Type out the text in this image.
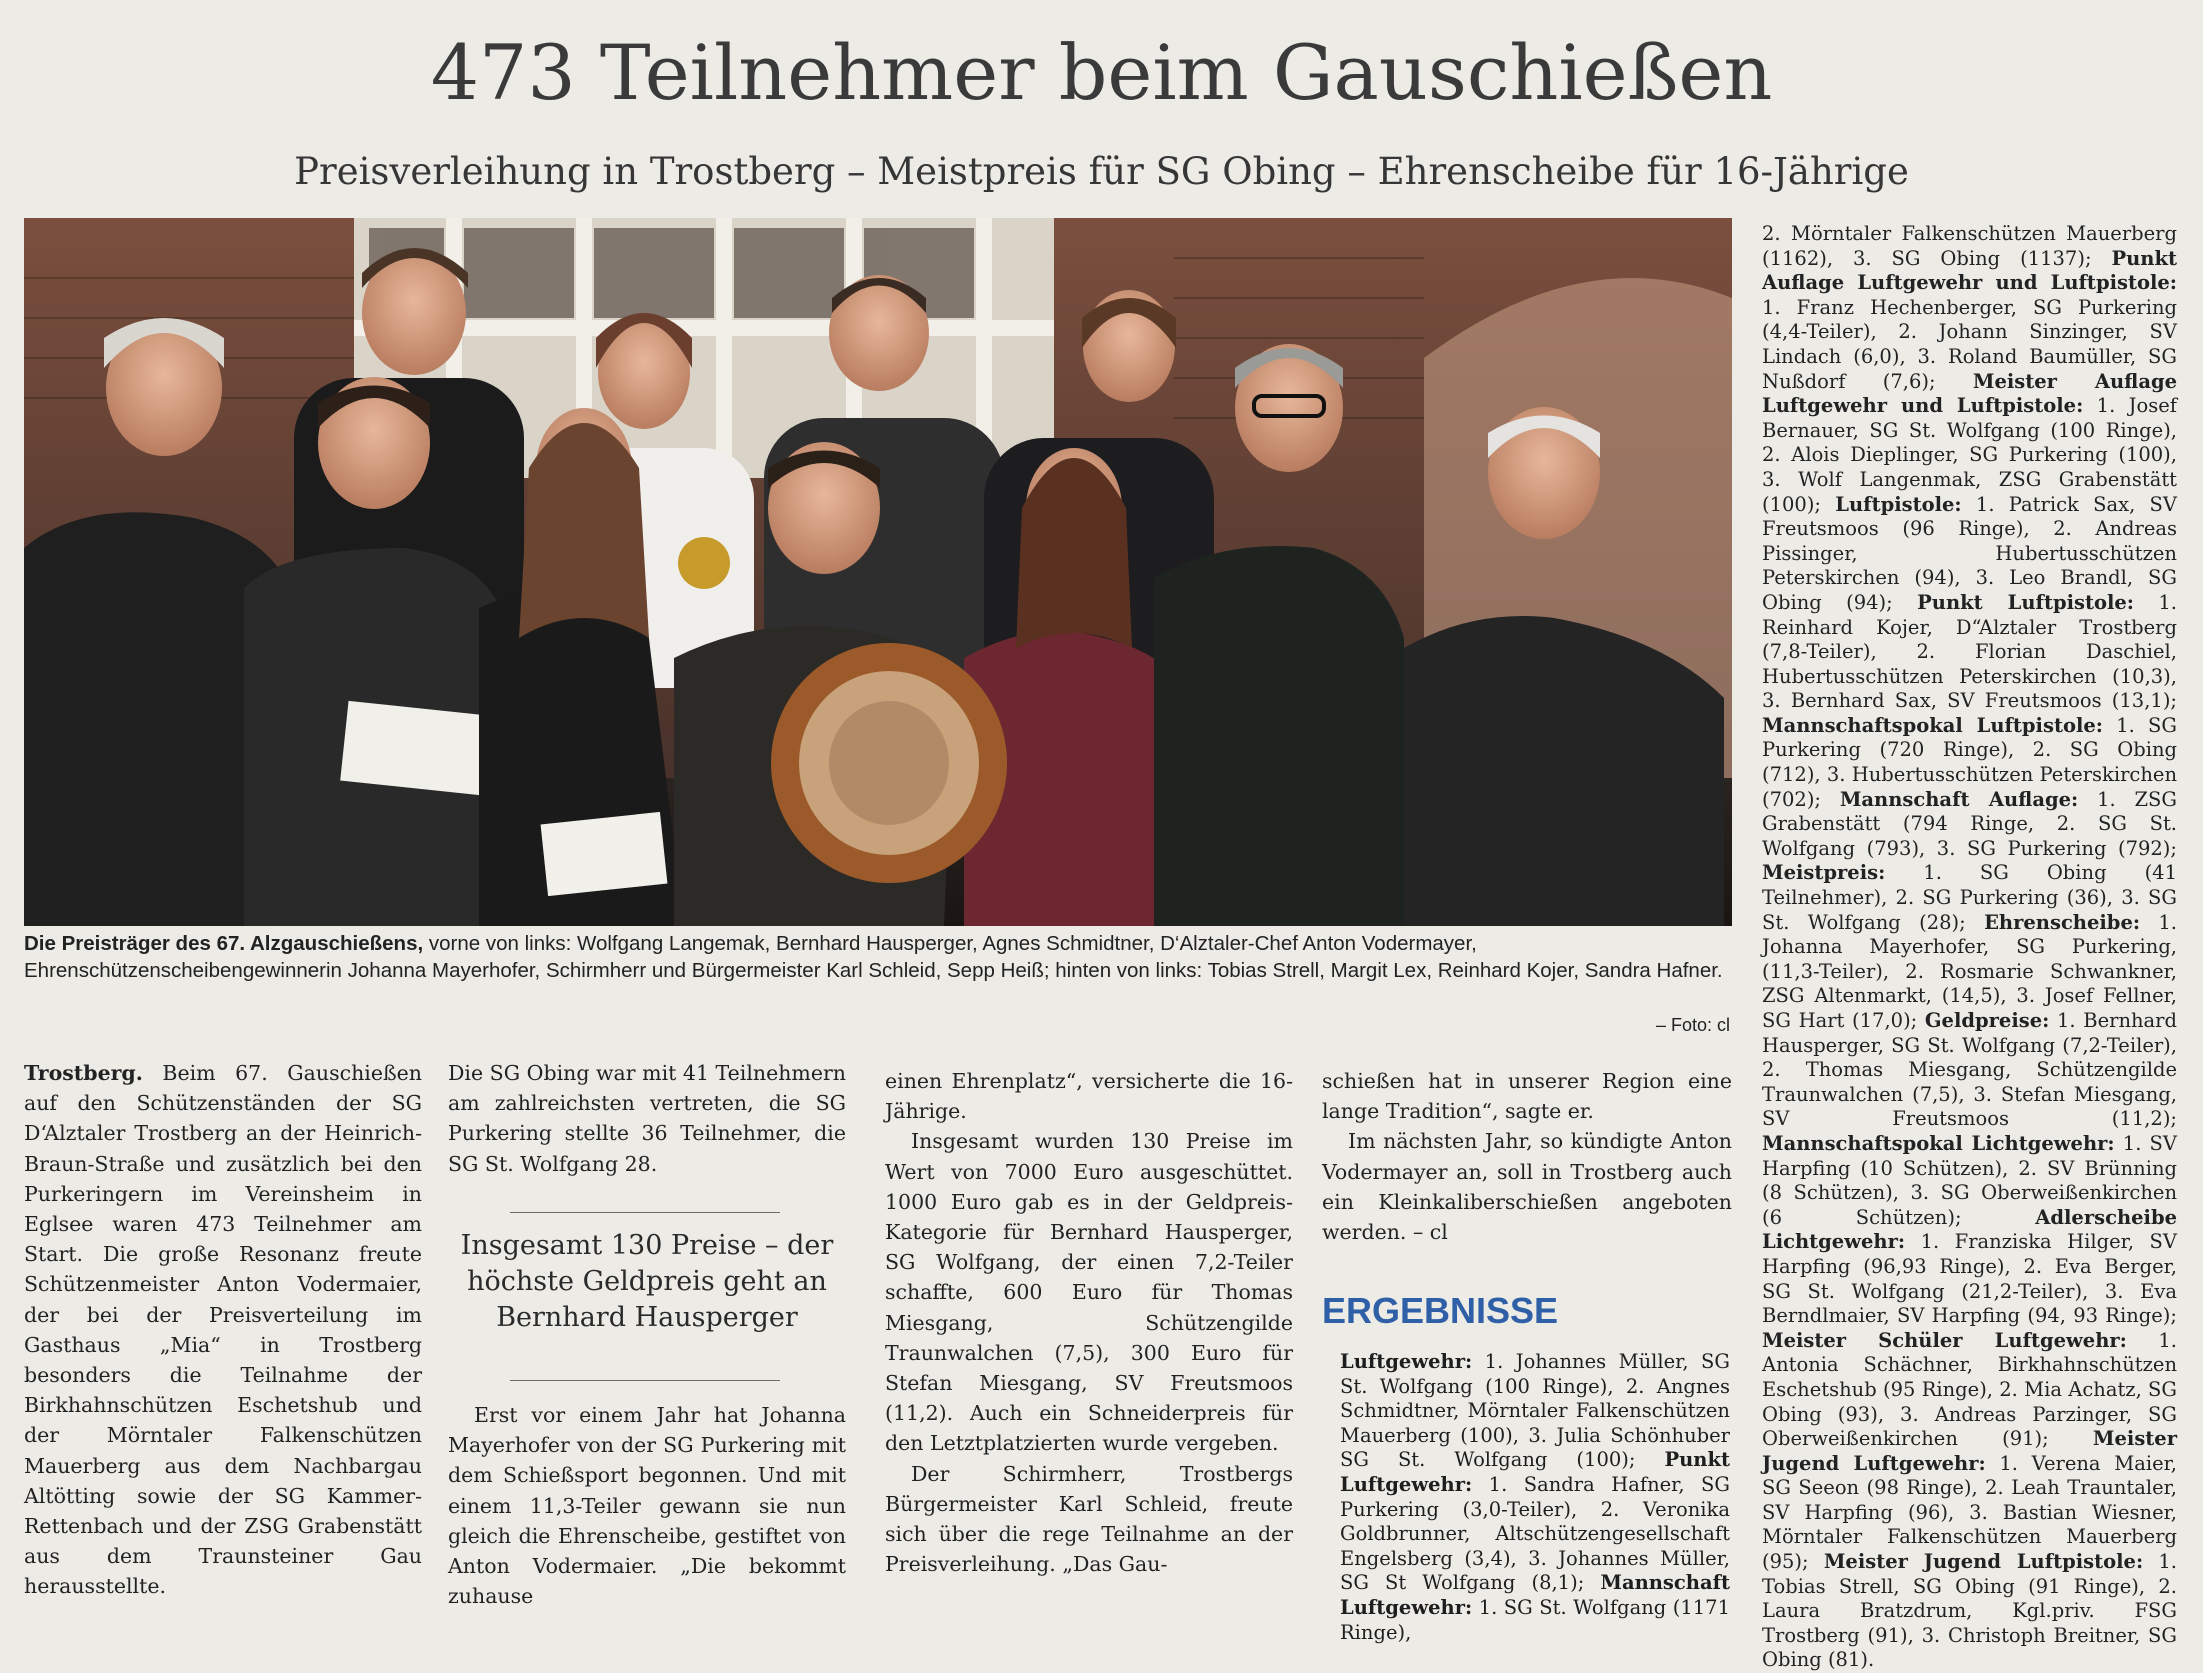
473 Teilnehmer beim Gauschießen
Preisverleihung in Trostberg – Meistpreis für SG Obing – Ehrenscheibe für 16-Jährige
Die Preisträger des 67. Alzgauschießens, vorne von links: Wolfgang Langemak, Bernhard Hausperger, Agnes Schmidtner, D‘Alztaler-Chef Anton Vodermayer, Ehrenschützenscheibengewinnerin Johanna Mayerhofer, Schirmherr und Bürgermeister Karl Schleid, Sepp Heiß; hinten von links: Tobias Strell, Margit Lex, Reinhard Kojer, Sandra Hafner.
– Foto: cl

Trostberg. Beim 67. Gauschießen auf den Schützenständen der SG D‘Alztaler Trostberg an der Heinrich-Braun-Straße und zusätzlich bei den Purkeringern im Vereinsheim in Eglsee waren 473 Teilnehmer am Start. Die große Resonanz freute Schützenmeister Anton Vodermaier, der bei der Preisverteilung im Gasthaus „Mia“ in Trostberg besonders die Teilnahme der Birkhahnschützen Eschetshub und der Mörntaler Falkenschützen Mauerberg aus dem Nachbargau Altötting sowie der SG Kammer-Rettenbach und der ZSG Grabenstätt aus dem Traunsteiner Gau herausstellte.

Die SG Obing war mit 41 Teilnehmern am zahlreichsten vertreten, die SG Purkering stellte 36 Teilnehmer, die SG St. Wolfgang 28.

Insgesamt 130 Preise – der höchste Geldpreis geht an Bernhard Hausperger

Erst vor einem Jahr hat Johanna Mayerhofer von der SG Purkering mit dem Schießsport begonnen. Und mit einem 11,3-Teiler gewann sie nun gleich die Ehrenscheibe, gestiftet von Anton Vodermaier. „Die bekommt zuhause

einen Ehrenplatz“, versicherte die 16-Jährige.

Insgesamt wurden 130 Preise im Wert von 7000 Euro ausgeschüttet. 1000 Euro gab es in der Geldpreis-Kategorie für Bernhard Hausperger, SG Wolfgang, der einen 7,2-Teiler schaffte, 600 Euro für Thomas Miesgang, Schützengilde Traunwalchen (7,5), 300 Euro für Stefan Miesgang, SV Freutsmoos (11,2). Auch ein Schneiderpreis für den Letztplatzierten wurde vergeben.

Der Schirmherr, Trostbergs Bürgermeister Karl Schleid, freute sich über die rege Teilnahme an der Preisverleihung. „Das Gau-

schießen hat in unserer Region eine lange Tradition“, sagte er.

Im nächsten Jahr, so kündigte Anton Vodermayer an, soll in Trostberg auch ein Kleinkaliberschießen angeboten werden. – cl

ERGEBNISSE
Luftgewehr: 1. Johannes Müller, SG St. Wolfgang (100 Ringe), 2. Angnes Schmidtner, Mörntaler Falkenschützen Mauerberg (100), 3. Julia Schönhuber SG St. Wolfgang (100); Punkt Luftgewehr: 1. Sandra Hafner, SG Purkering (3,0-Teiler), 2. Veronika Goldbrunner, Altschützengesellschaft Engelsberg (3,4), 3. Johannes Müller, SG St Wolfgang (8,1); Mannschaft Luftgewehr: 1. SG St. Wolfgang (1171 Ringe),
2. Mörntaler Falkenschützen Mauerberg (1162), 3. SG Obing (1137); Punkt Auflage Luftgewehr und Luftpistole: 1. Franz Hechenberger, SG Purkering (4,4-Teiler), 2. Johann Sinzinger, SV Lindach (6,0), 3. Roland Baumüller, SG Nußdorf (7,6); Meister Auflage Luftgewehr und Luftpistole: 1. Josef Bernauer, SG St. Wolfgang (100 Ringe), 2. Alois Dieplinger, SG Purkering (100), 3. Wolf Langenmak, ZSG Grabenstätt (100); Luftpistole: 1. Patrick Sax, SV Freutsmoos (96 Ringe), 2. Andreas Pissinger, Hubertusschützen Peterskirchen (94), 3. Leo Brandl, SG Obing (94); Punkt Luftpistole: 1. Reinhard Kojer, D“Alztaler Trostberg (7,8-Teiler), 2. Florian Daschiel, Hubertusschützen Peterskirchen (10,3), 3. Bernhard Sax, SV Freutsmoos (13,1); Mannschaftspokal Luftpistole: 1. SG Purkering (720 Ringe), 2. SG Obing (712), 3. Hubertusschützen Peterskirchen (702); Mannschaft Auflage: 1. ZSG Grabenstätt (794 Ringe, 2. SG St. Wolfgang (793), 3. SG Purkering (792); Meistpreis: 1. SG Obing (41 Teilnehmer), 2. SG Purkering (36), 3. SG St. Wolfgang (28); Ehrenscheibe: 1. Johanna Mayerhofer, SG Purkering, (11,3-Teiler), 2. Rosmarie Schwankner, ZSG Altenmarkt, (14,5), 3. Josef Fellner, SG Hart (17,0); Geldpreise: 1. Bernhard Hausperger, SG St. Wolfgang (7,2-Teiler), 2. Thomas Miesgang, Schützengilde Traunwalchen (7,5), 3. Stefan Miesgang, SV Freutsmoos (11,2); Mannschaftspokal Lichtgewehr: 1. SV Harpfing (10 Schützen), 2. SV Brünning (8 Schützen), 3. SG Oberweißenkirchen (6 Schützen); Adlerscheibe Lichtgewehr: 1. Franziska Hilger, SV Harpfing (96,93 Ringe), 2. Eva Berger, SG St. Wolfgang (21,2-Teiler), 3. Eva Berndlmaier, SV Harpfing (94, 93 Ringe); Meister Schüler Luftgewehr: 1. Antonia Schächner, Birkhahnschützen Eschetshub (95 Ringe), 2. Mia Achatz, SG Obing (93), 3. Andreas Parzinger, SG Oberweißenkirchen (91); Meister Jugend Luftgewehr: 1. Verena Maier, SG Seeon (98 Ringe), 2. Leah Trauntaler, SV Harpfing (96), 3. Bastian Wiesner, Mörntaler Falkenschützen Mauerberg (95); Meister Jugend Luftpistole: 1. Tobias Strell, SG Obing (91 Ringe), 2. Laura Bratzdrum, Kgl.priv. FSG Trostberg (91), 3. Christoph Breitner, SG Obing (81).
